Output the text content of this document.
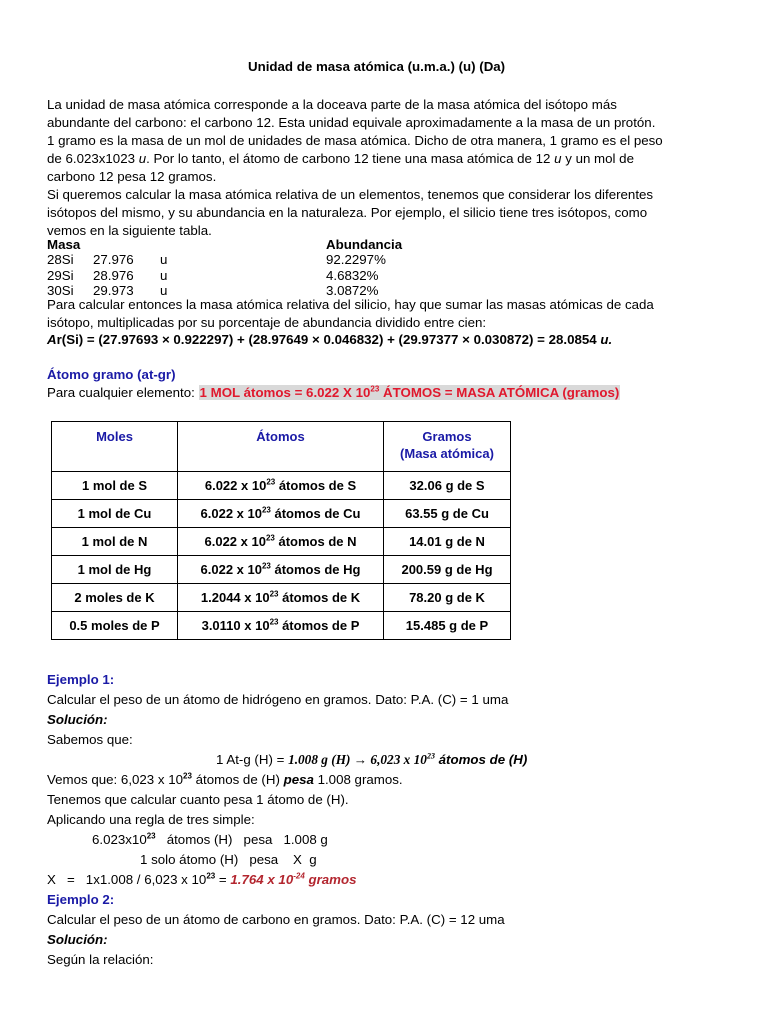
Unidad de masa atómica (u.m.a.) (u) (Da)
La unidad de masa atómica corresponde a la doceava parte de la masa atómica del isótopo más
abundante del carbono: el carbono 12. Esta unidad equivale aproximadamente a la masa de un protón.
1 gramo es la masa de un mol de unidades de masa atómica. Dicho de otra manera, 1 gramo es el peso
de 6.023x1023 u. Por lo tanto, el átomo de carbono 12 tiene una masa atómica de 12 u y un mol de
carbono 12 pesa 12 gramos.
Si queremos calcular la masa atómica relativa de un elementos, tenemos que considerar los diferentes
isótopos del mismo, y su abundancia en la naturaleza. Por ejemplo, el silicio tiene tres isótopos, como
vemos en la siguiente tabla.
Masa	Abundancia
28Si 27.976 u	92.2297%
29Si 28.976 u	4.6832%
30Si 29.973 u	3.0872%
Para calcular entonces la masa atómica relativa del silicio, hay que sumar las masas atómicas de cada
isótopo, multiplicadas por su porcentaje de abundancia dividido entre cien:
Ar(Si) = (27.97693 × 0.922297) + (28.97649 × 0.046832) + (29.97377 × 0.030872) = 28.0854 u.
Átomo gramo (at-gr)
Para cualquier elemento: 1 MOL átomos = 6.022 X $10^{23}$ ÁTOMOS = MASA ATÓMICA (gramos)
Moles	Átomos	Gramos
(Masa atómica)
1 mol de S	6.022 x $10^{23}$ átomos de S	32.06 g de S
1 mol de Cu	6.022 x $10^{23}$ átomos de Cu	63.55 g de Cu
1 mol de N	6.022 x $10^{23}$ átomos de N	14.01 g de N
1 mol de Hg	6.022 x $10^{23}$ átomos de Hg	200.59 g de Hg
2 moles de K	1.2044 x $10^{23}$ átomos de K	78.20 g de K
0.5 moles de P	3.0110 x $10^{23}$ átomos de P	15.485 g de P
Ejemplo 1:
Calcular el peso de un átomo de hidrógeno en gramos. Dato: P.A. (C) = 1 uma
Solución:
Sabemos que:
1 At-g (H) = 1.008 g (H) → 6,023 x $10^{23}$ átomos de (H)
Vemos que: 6,023 x $10^{23}$ átomos de (H) pesa 1.008 gramos.
Tenemos que calcular cuanto pesa 1 átomo de (H).
Aplicando una regla de tres simple:
$6.023x10^{23}$   átomos (H)   pesa   1.008 g
1 solo átomo (H)   pesa    X  g
X   =   1x1.008 / 6,023 x $10^{23} = 1.764$ x $10^{-24}$ gramos
Ejemplo 2:
Calcular el peso de un átomo de carbono en gramos. Dato: P.A. (C) = 12 uma
Solución:
Según la relación:
